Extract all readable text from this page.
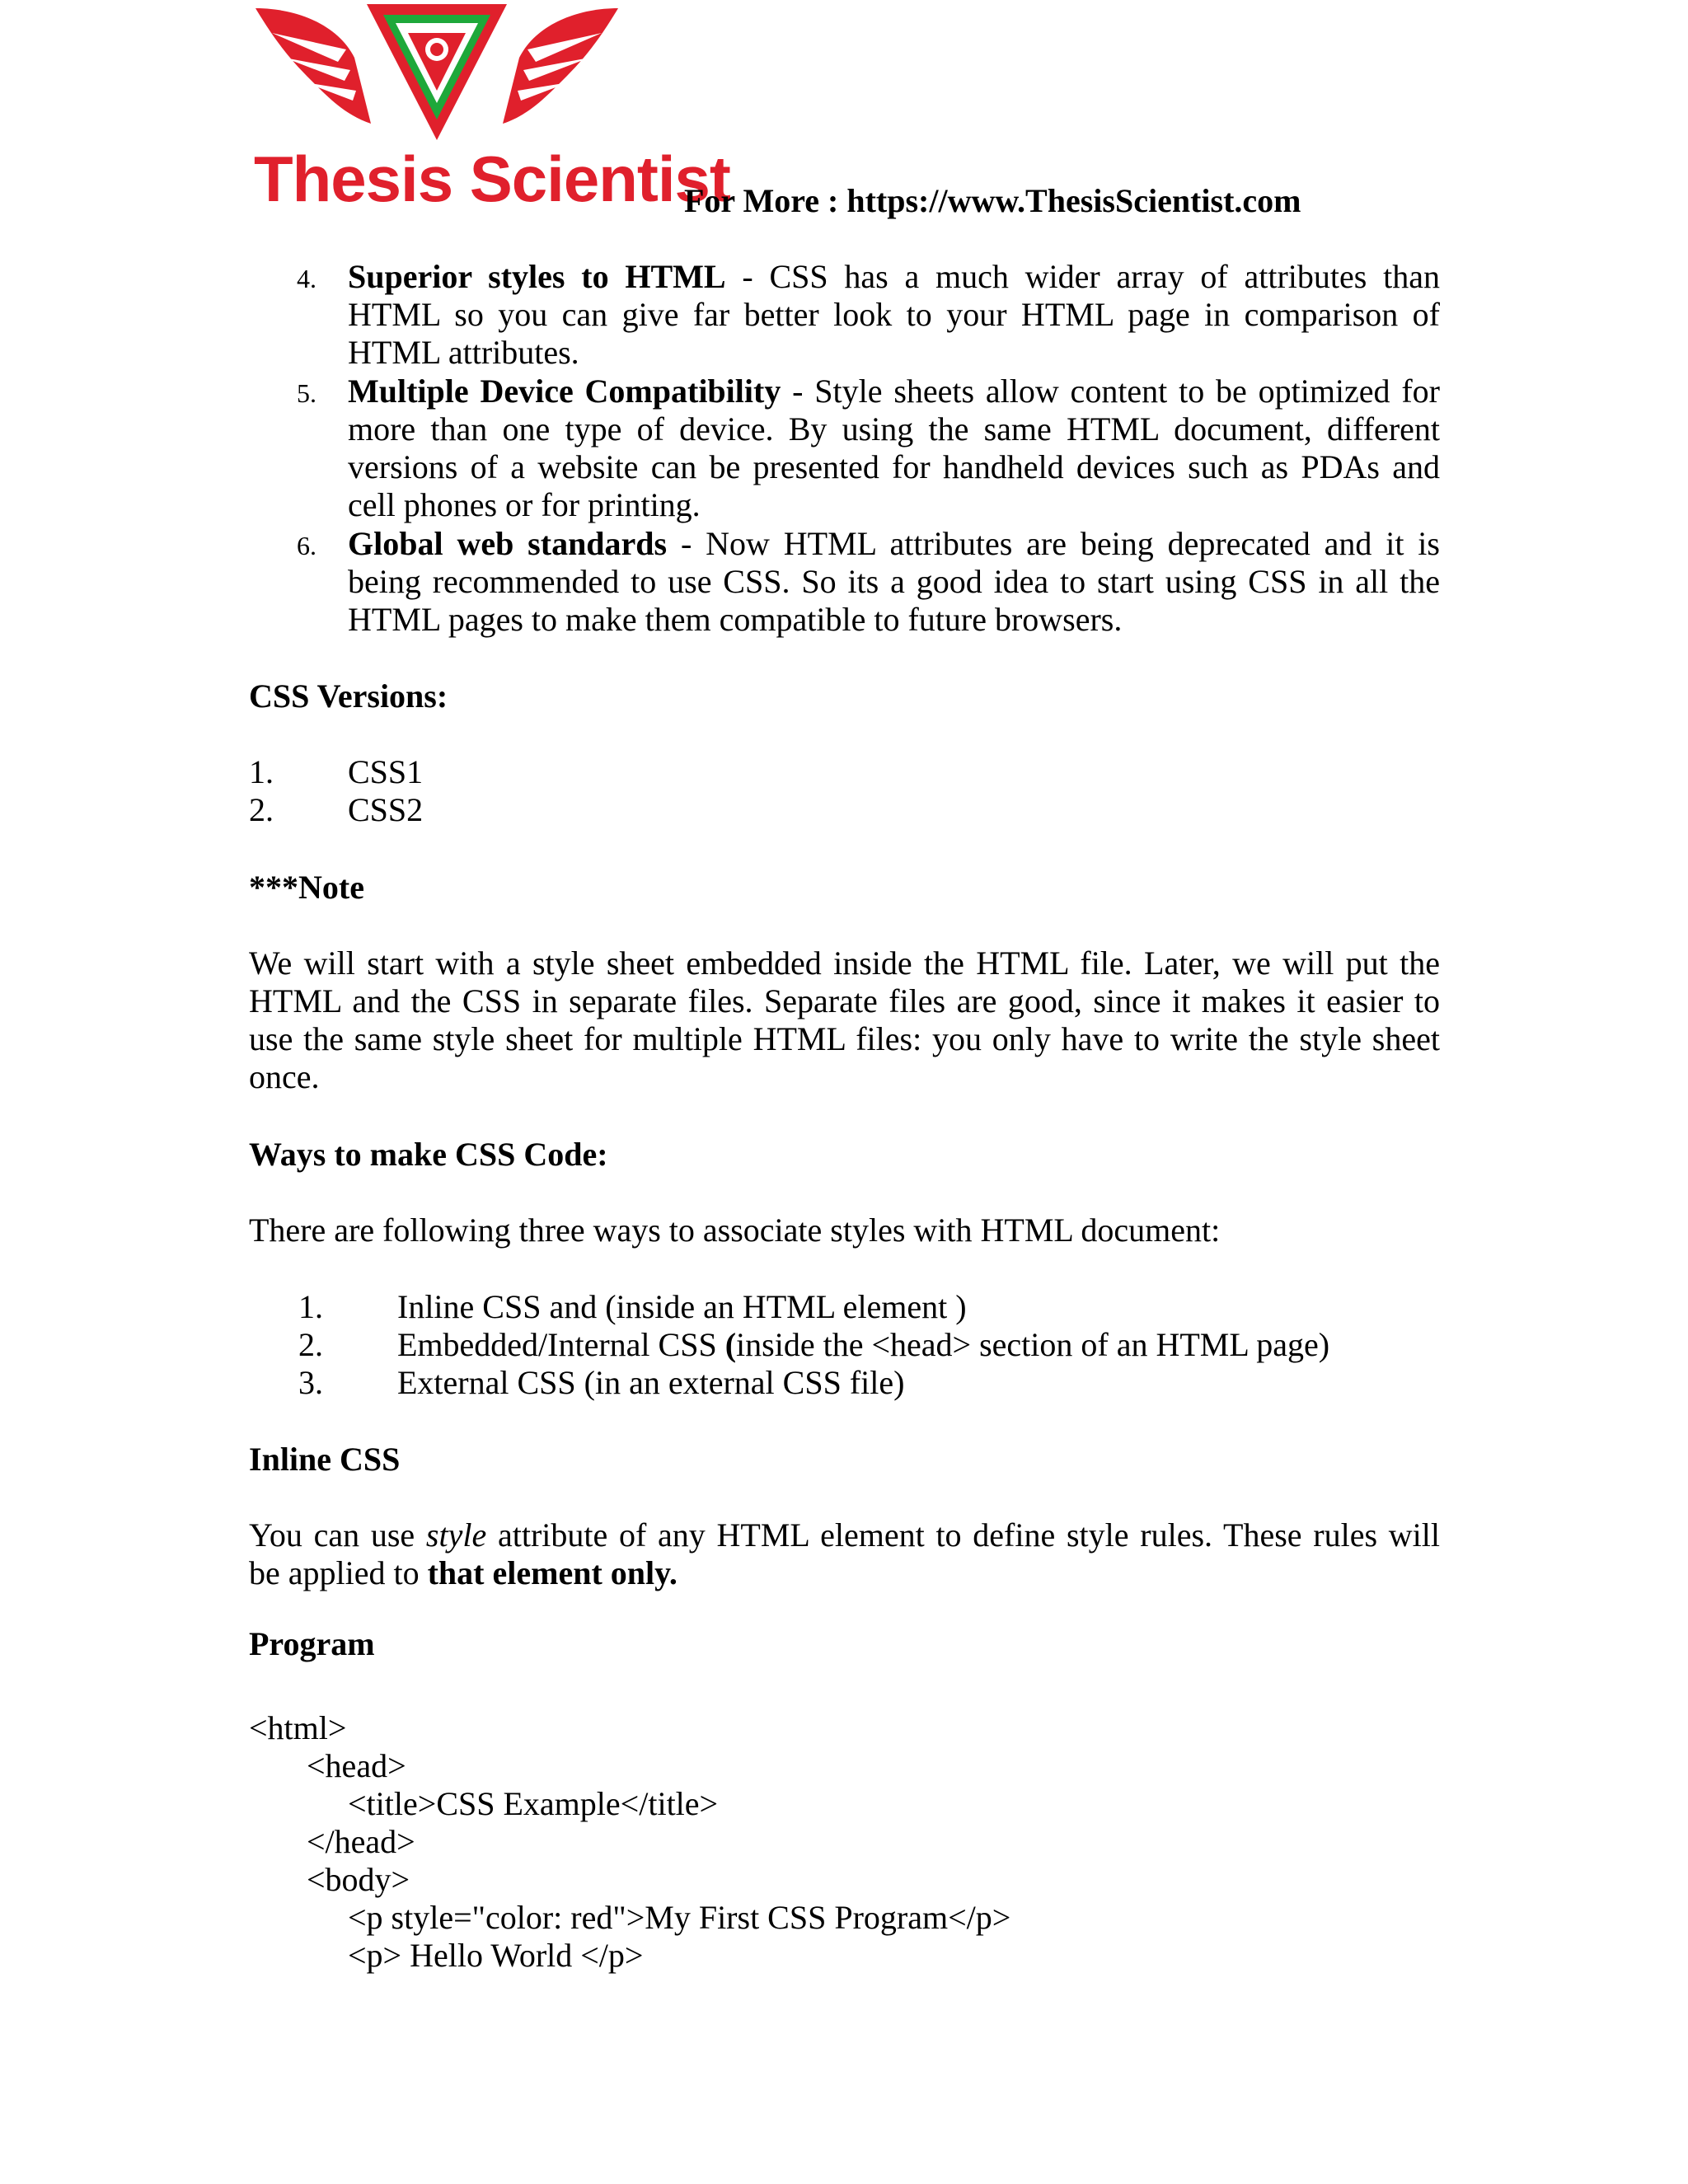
Thesis Scientist
For More : https://www.ThesisScientist.com
4. Superior styles to HTML - CSS has a much wider array of attributes than
HTML so you can give far better look to your HTML page in comparison of
HTML attributes.
5. Multiple Device Compatibility - Style sheets allow content to be optimized for
more than one type of device. By using the same HTML document, different
versions of a website can be presented for handheld devices such as PDAs and
cell phones or for printing.
6. Global web standards - Now HTML attributes are being deprecated and it is
being recommended to use CSS. So its a good idea to start using CSS in all the
HTML pages to make them compatible to future browsers.
CSS Versions:
1. CSS1
2. CSS2
***Note
We will start with a style sheet embedded inside the HTML file. Later, we will put the
HTML and the CSS in separate files. Separate files are good, since it makes it easier to
use the same style sheet for multiple HTML files: you only have to write the style sheet
once.
Ways to make CSS Code:
There are following three ways to associate styles with HTML document:
1. Inline CSS and (inside an HTML element )
2. Embedded/Internal CSS (inside the <head> section of an HTML page)
3. External CSS (in an external CSS file)
Inline CSS
You can use style attribute of any HTML element to define style rules. These rules will
be applied to that element only.
Program
<html>
<head>
<title>CSS Example</title>
</head>
<body>
<p style="color: red">My First CSS Program</p>
<p> Hello World </p>
